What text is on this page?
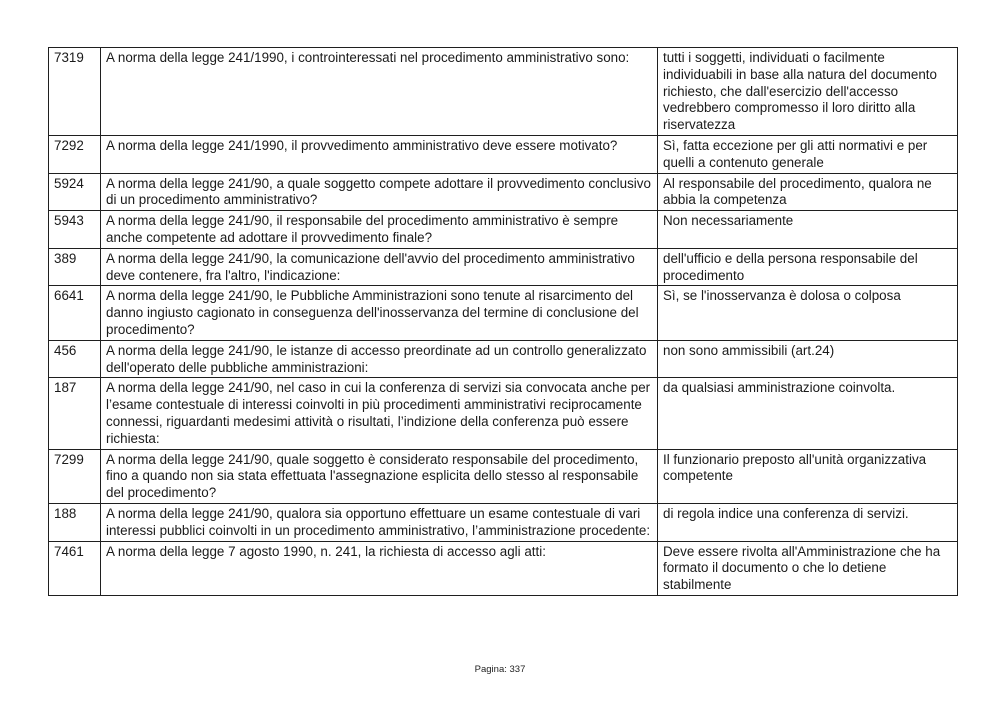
7319	A norma della legge 241/1990, i controinteressati nel procedimento amministrativo sono:	tutti i soggetti, individuati o facilmente individuabili in base alla natura del documento richiesto, che dall'esercizio dell'accesso vedrebbero compromesso il loro diritto alla riservatezza
7292	A norma della legge 241/1990, il provvedimento amministrativo deve essere motivato?	Sì, fatta eccezione per gli atti normativi e per quelli a contenuto generale
5924	A norma della legge 241/90, a quale soggetto compete adottare il provvedimento conclusivo di un procedimento amministrativo?	Al responsabile del procedimento, qualora ne abbia la competenza
5943	A norma della legge 241/90, il responsabile del procedimento amministrativo è sempre anche competente ad adottare il provvedimento finale?	Non necessariamente
389	A norma della legge 241/90, la comunicazione dell'avvio del procedimento amministrativo deve contenere, fra l'altro, l'indicazione:	dell'ufficio e della persona responsabile del procedimento
6641	A norma della legge 241/90, le Pubbliche Amministrazioni sono tenute al risarcimento del danno ingiusto cagionato in conseguenza dell'inosservanza del termine di conclusione del procedimento?	Sì, se l'inosservanza è dolosa o colposa
456	A norma della legge 241/90, le istanze di accesso preordinate ad un controllo generalizzato dell'operato delle pubbliche amministrazioni:	non sono ammissibili (art.24)
187	A norma della legge 241/90, nel caso in cui la conferenza di servizi sia convocata anche per l’esame contestuale di interessi coinvolti in più procedimenti amministrativi reciprocamente connessi, riguardanti medesimi attività o risultati, l’indizione della conferenza può essere richiesta:	da qualsiasi amministrazione coinvolta.
7299	A norma della legge 241/90, quale soggetto è considerato responsabile del procedimento, fino a quando non sia stata effettuata l'assegnazione esplicita dello stesso al responsabile del procedimento?	Il funzionario preposto all'unità organizzativa competente
188	A norma della legge 241/90, qualora sia opportuno effettuare un esame contestuale di vari interessi pubblici coinvolti in un procedimento amministrativo, l’amministrazione procedente:	di regola indice una conferenza di servizi.
7461	A norma della legge 7 agosto 1990, n. 241, la richiesta di accesso agli atti:	Deve essere rivolta all'Amministrazione che ha formato il documento o che lo detiene stabilmente
Pagina: 337
